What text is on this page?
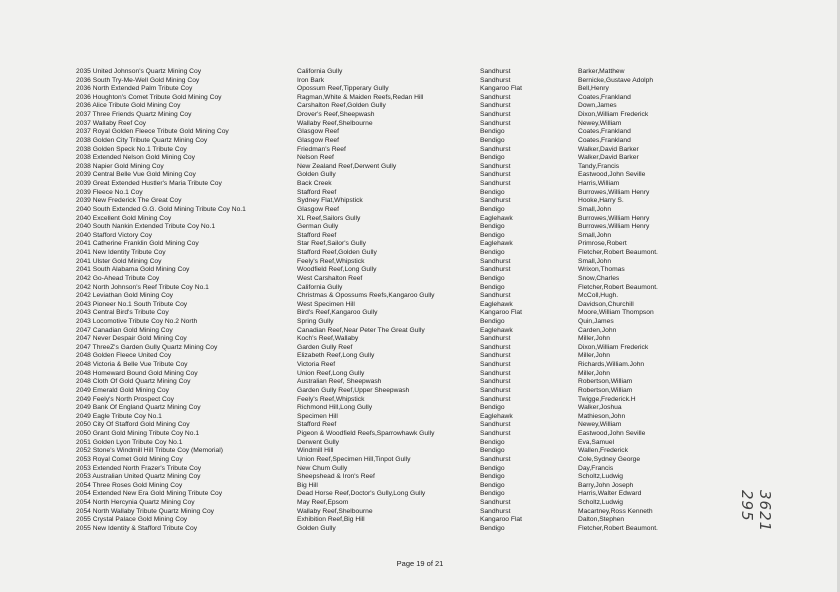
2035 United Johnson's Quartz Mining Coy	California Gully	Sandhurst	Barker,Matthew
2036 South Try-Me-Well Gold Mining Coy	Iron Bark	Sandhurst	Bernicke,Gustave Adolph
2036 North Extended Palm Tribute Coy	Opossum Reef,Tipperary Gully	Kangaroo Flat	Bell,Henry
2036 Houghton's Comet Tribute Gold Mining Coy	Ragman,White & Maiden Reefs,Redan Hill	Sandhurst	Coates,Frankland
2036 Alice Tribute Gold Mining Coy	Carshalton Reef,Golden Gully	Sandhurst	Down,James
2037 Three Friends Quartz Mining Coy	Drover's Reef,Sheepwash	Sandhurst	Dixon,William Frederick
2037 Wallaby Reef Coy	Wallaby Reef,Shelbourne	Sandhurst	Newey,William
2037 Royal Golden Fleece Tribute Gold Mining Coy	Glasgow Reef	Bendigo	Coates,Frankland
2038 Golden City Tribute Quartz Mining Coy	Glasgow Reef	Bendigo	Coates,Frankland
2038 Golden Speck No.1 Tribute Coy	Friedman's Reef	Sandhurst	Walker,David Barker
2038 Extended Nelson Gold Mining Coy	Nelson Reef	Bendigo	Walker,David Barker
2038 Napier Gold Mining Coy	New Zealand Reef,Derwent Gully	Sandhurst	Tandy,Francis
2039 Central Belle Vue Gold Mining Coy	Golden Gully	Sandhurst	Eastwood,John Seville
2039 Great Extended Hustler's Maria Tribute Coy	Back Creek	Sandhurst	Harris,William
2039 Fleece No.1 Coy	Stafford Reef	Bendigo	Burrowes,William Henry
2039 New Frederick The Great Coy	Sydney Flat,Whipstick	Sandhurst	Hooke,Harry S.
2040 South Extended G.G. Gold Mining Tribute Coy No.1	Glasgow Reef	Bendigo	Small,John
2040 Excellent Gold Mining Coy	XL Reef,Sailors Gully	Eaglehawk	Burrowes,William Henry
2040 South Nankin Extended Tribute Coy No.1	German Gully	Bendigo	Burrowes,William Henry
2040 Stafford Victory Coy	Stafford Reef	Bendigo	Small,John
2041 Catherine Franklin Gold Mining Coy	Star Reef,Sailor's Gully	Eaglehawk	Primrose,Robert
2041 New Identity Tribute Coy	Stafford Reef,Golden Gully	Bendigo	Fletcher,Robert Beaumont.
2041 Ulster Gold Mining Coy	Feely's Reef,Whipstick	Sandhurst	Small,John
2041 South Alabama Gold Mining Coy	Woodfield Reef,Long Gully	Sandhurst	Wrixon,Thomas
2042 Go-Ahead Tribute Coy	West Carshalton Reef	Bendigo	Snow,Charles
2042 North Johnson's Reef Tribute Coy No.1	California Gully	Bendigo	Fletcher,Robert Beaumont.
2042 Leviathan Gold Mining Coy	Christmas & Opossums Reefs,Kangaroo Gully	Sandhurst	McColl,Hugh.
2043 Pioneer No.1 South Tribute Coy	West Specimen Hill	Eaglehawk	Davidson,Churchill
2043 Central Bird's Tribute Coy	Bird's Reef,Kangaroo Gully	Kangaroo Flat	Moore,William Thompson
2043 Locomotive Tribute Coy No.2 North	Spring Gully	Bendigo	Quin,James
2047 Canadian Gold Mining Coy	Canadian Reef,Near Peter The Great Gully	Eaglehawk	Carden,John
2047 Never Despair Gold Mining Coy	Koch's Reef,Wallaby	Sandhurst	Miller,John
2047 ThreeZ's Garden Gully Quartz Mining Coy	Garden Gully Reef	Sandhurst	Dixon,William Frederick
2048 Golden Fleece United Coy	Elizabeth Reef,Long Gully	Sandhurst	Miller,John
2048 Victoria & Belle Vue Tribute Coy	Victoria Reef	Sandhurst	Richards,William.John
2048 Homeward Bound Gold Mining Coy	Union Reef,Long Gully	Sandhurst	Miller,John
2048 Cloth Of Gold Quartz Mining Coy	Australian Reef, Sheepwash	Sandhurst	Robertson,William
2049 Emerald Gold Mining Coy	Garden Gully Reef,Upper Sheepwash	Sandhurst	Robertson,William
2049 Feely's North Prospect Coy	Feely's Reef,Whipstick	Sandhurst	Twigge,Frederick.H
2049 Bank Of England Quartz Mining Coy	Richmond Hill,Long Gully	Bendigo	Walker,Joshua
2049 Eagle Tribute Coy No.1	Specimen Hill	Eaglehawk	Mathieson,John
2050 City Of Stafford Gold Mining Coy	Stafford Reef	Sandhurst	Newey,William
2050 Grant Gold Mining Tribute Coy No.1	Pigeon & Woodfield Reefs,Sparrowhawk Gully	Sandhurst	Eastwood,John Seville
2051 Golden Lyon Tribute Coy No.1	Derwent Gully	Bendigo	Eva,Samuel
2052 Stone's Windmill Hill Tribute Coy (Memorial)	Windmill Hill	Bendigo	Wallen,Frederick
2053 Royal Comet Gold Mining Coy	Union Reef,Specimen Hill,Tinpot Gully	Sandhurst	Cole,Sydney George
2053 Extended North Frazer's Tribute Coy	New Chum Gully	Bendigo	Day,Francis
2053 Australian United Quartz Mining Coy	Sheepshead & Iron's Reef	Bendigo	Scholtz,Ludwig
2054 Three Roses Gold Mining Coy	Big Hill	Bendigo	Barry,John Joseph
2054 Extended New Era Gold Mining Tribute Coy	Dead Horse Reef,Doctor's Gully,Long Gully	Bendigo	Harris,Walter Edward
2054 North Hercynia Quartz Mining Coy	May Reef,Epsom	Sandhurst	Scholtz,Ludwig
2054 North Wallaby Tribute Quartz Mining Coy	Wallaby Reef,Shelbourne	Sandhurst	Macartney,Ross Kenneth
2055 Crystal Palace Gold Mining Coy	Exhibition Reef,Big Hill	Kangaroo Flat	Dalton,Stephen
2055 New Identity & Stafford Tribute Coy	Golden Gully	Bendigo	Fletcher,Robert Beaumont.
Page 19 of 21
3621 295
